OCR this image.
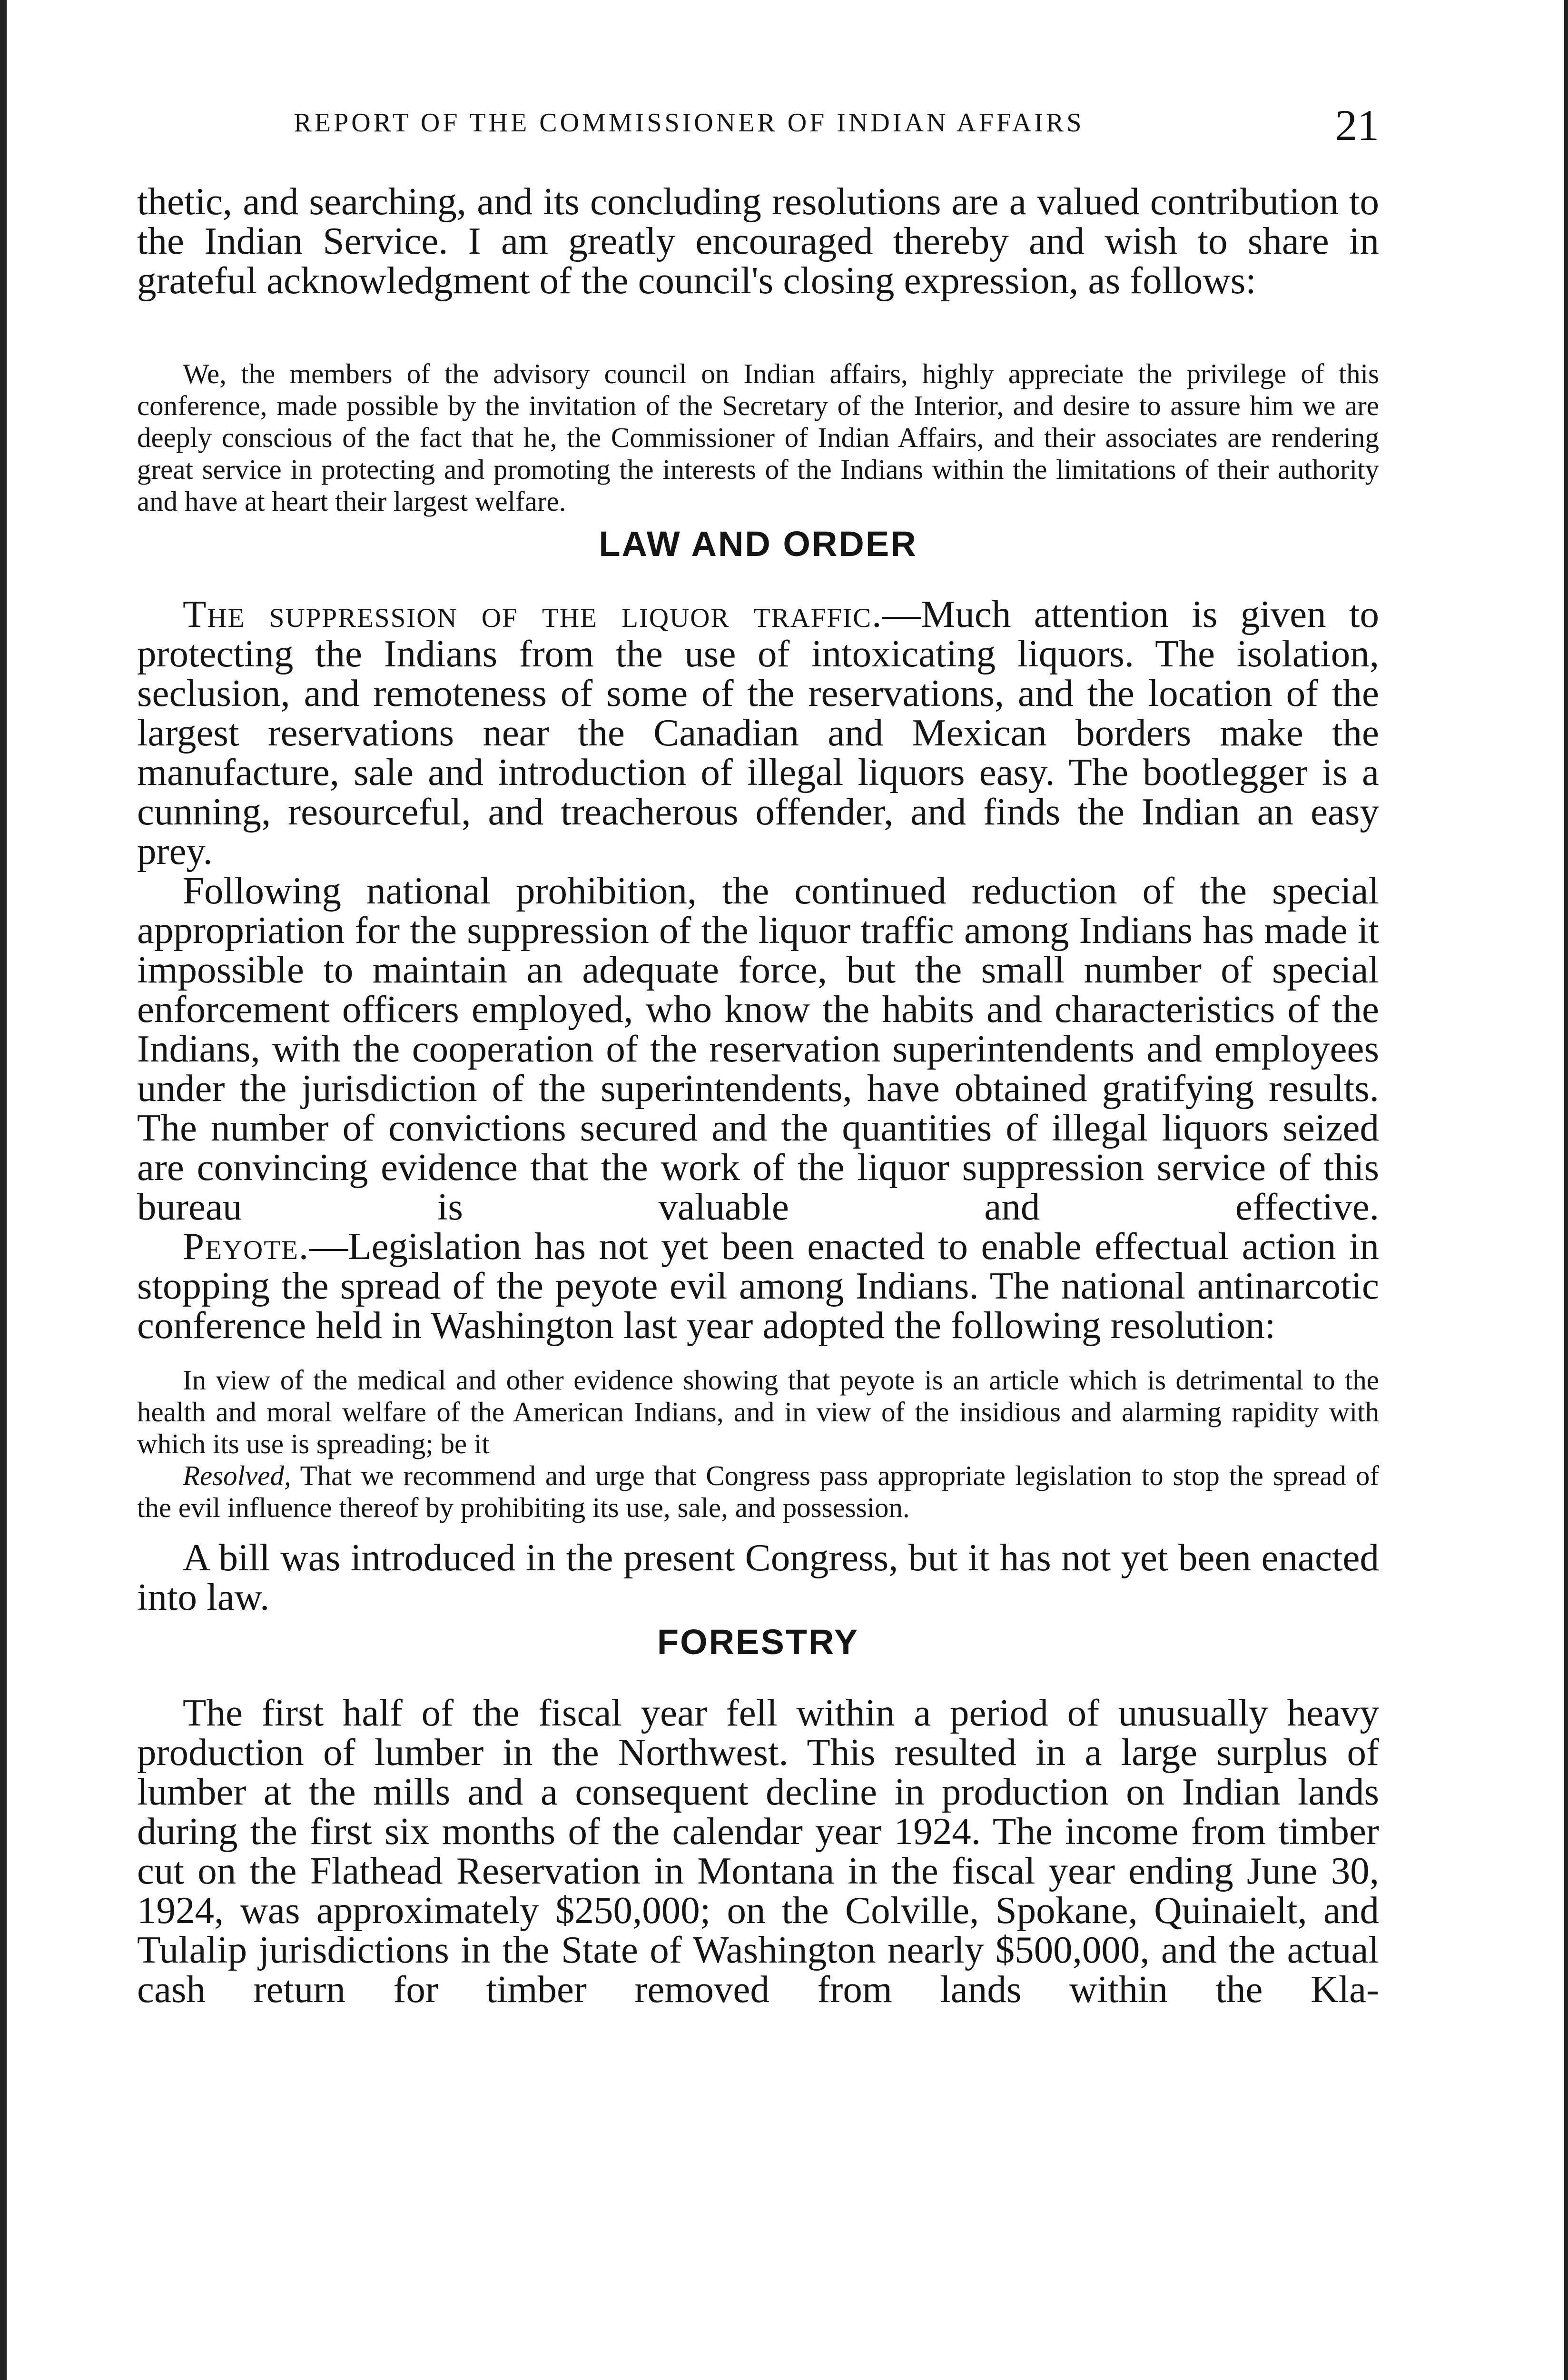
REPORT OF THE COMMISSIONER OF INDIAN AFFAIRS	21

thetic, and searching, and its concluding resolutions are a valued contribution to the Indian Service. I am greatly encouraged thereby and wish to share in grateful acknowledgment of the council's closing expression, as follows:

We, the members of the advisory council on Indian affairs, highly appreciate the privilege of this conference, made possible by the invitation of the Secretary of the Interior, and desire to assure him we are deeply conscious of the fact that he, the Commissioner of Indian Affairs, and their associates are rendering great service in protecting and promoting the interests of the Indians within the limitations of their authority and have at heart their largest welfare.

LAW AND ORDER

The suppression of the liquor traffic.—Much attention is given to protecting the Indians from the use of intoxicating liquors. The isolation, seclusion, and remoteness of some of the reservations, and the location of the largest reservations near the Canadian and Mexican borders make the manufacture, sale and introduction of illegal liquors easy. The bootlegger is a cunning, resourceful, and treacherous offender, and finds the Indian an easy prey.

Following national prohibition, the continued reduction of the special appropriation for the suppression of the liquor traffic among Indians has made it impossible to maintain an adequate force, but the small number of special enforcement officers employed, who know the habits and characteristics of the Indians, with the cooperation of the reservation superintendents and employees under the jurisdiction of the superintendents, have obtained gratifying results. The number of convictions secured and the quantities of illegal liquors seized are convincing evidence that the work of the liquor suppression service of this bureau is valuable and effective.

Peyote.—Legislation has not yet been enacted to enable effectual action in stopping the spread of the peyote evil among Indians. The national antinarcotic conference held in Washington last year adopted the following resolution:

In view of the medical and other evidence showing that peyote is an article which is detrimental to the health and moral welfare of the American Indians, and in view of the insidious and alarming rapidity with which its use is spreading; be it

Resolved, That we recommend and urge that Congress pass appropriate legislation to stop the spread of the evil influence thereof by prohibiting its use, sale, and possession.

A bill was introduced in the present Congress, but it has not yet been enacted into law.

FORESTRY

The first half of the fiscal year fell within a period of unusually heavy production of lumber in the Northwest. This resulted in a large surplus of lumber at the mills and a consequent decline in production on Indian lands during the first six months of the calendar year 1924. The income from timber cut on the Flathead Reservation in Montana in the fiscal year ending June 30, 1924, was approximately $250,000; on the Colville, Spokane, Quinaielt, and Tulalip jurisdictions in the State of Washington nearly $500,000, and the actual cash return for timber removed from lands within the Kla-
